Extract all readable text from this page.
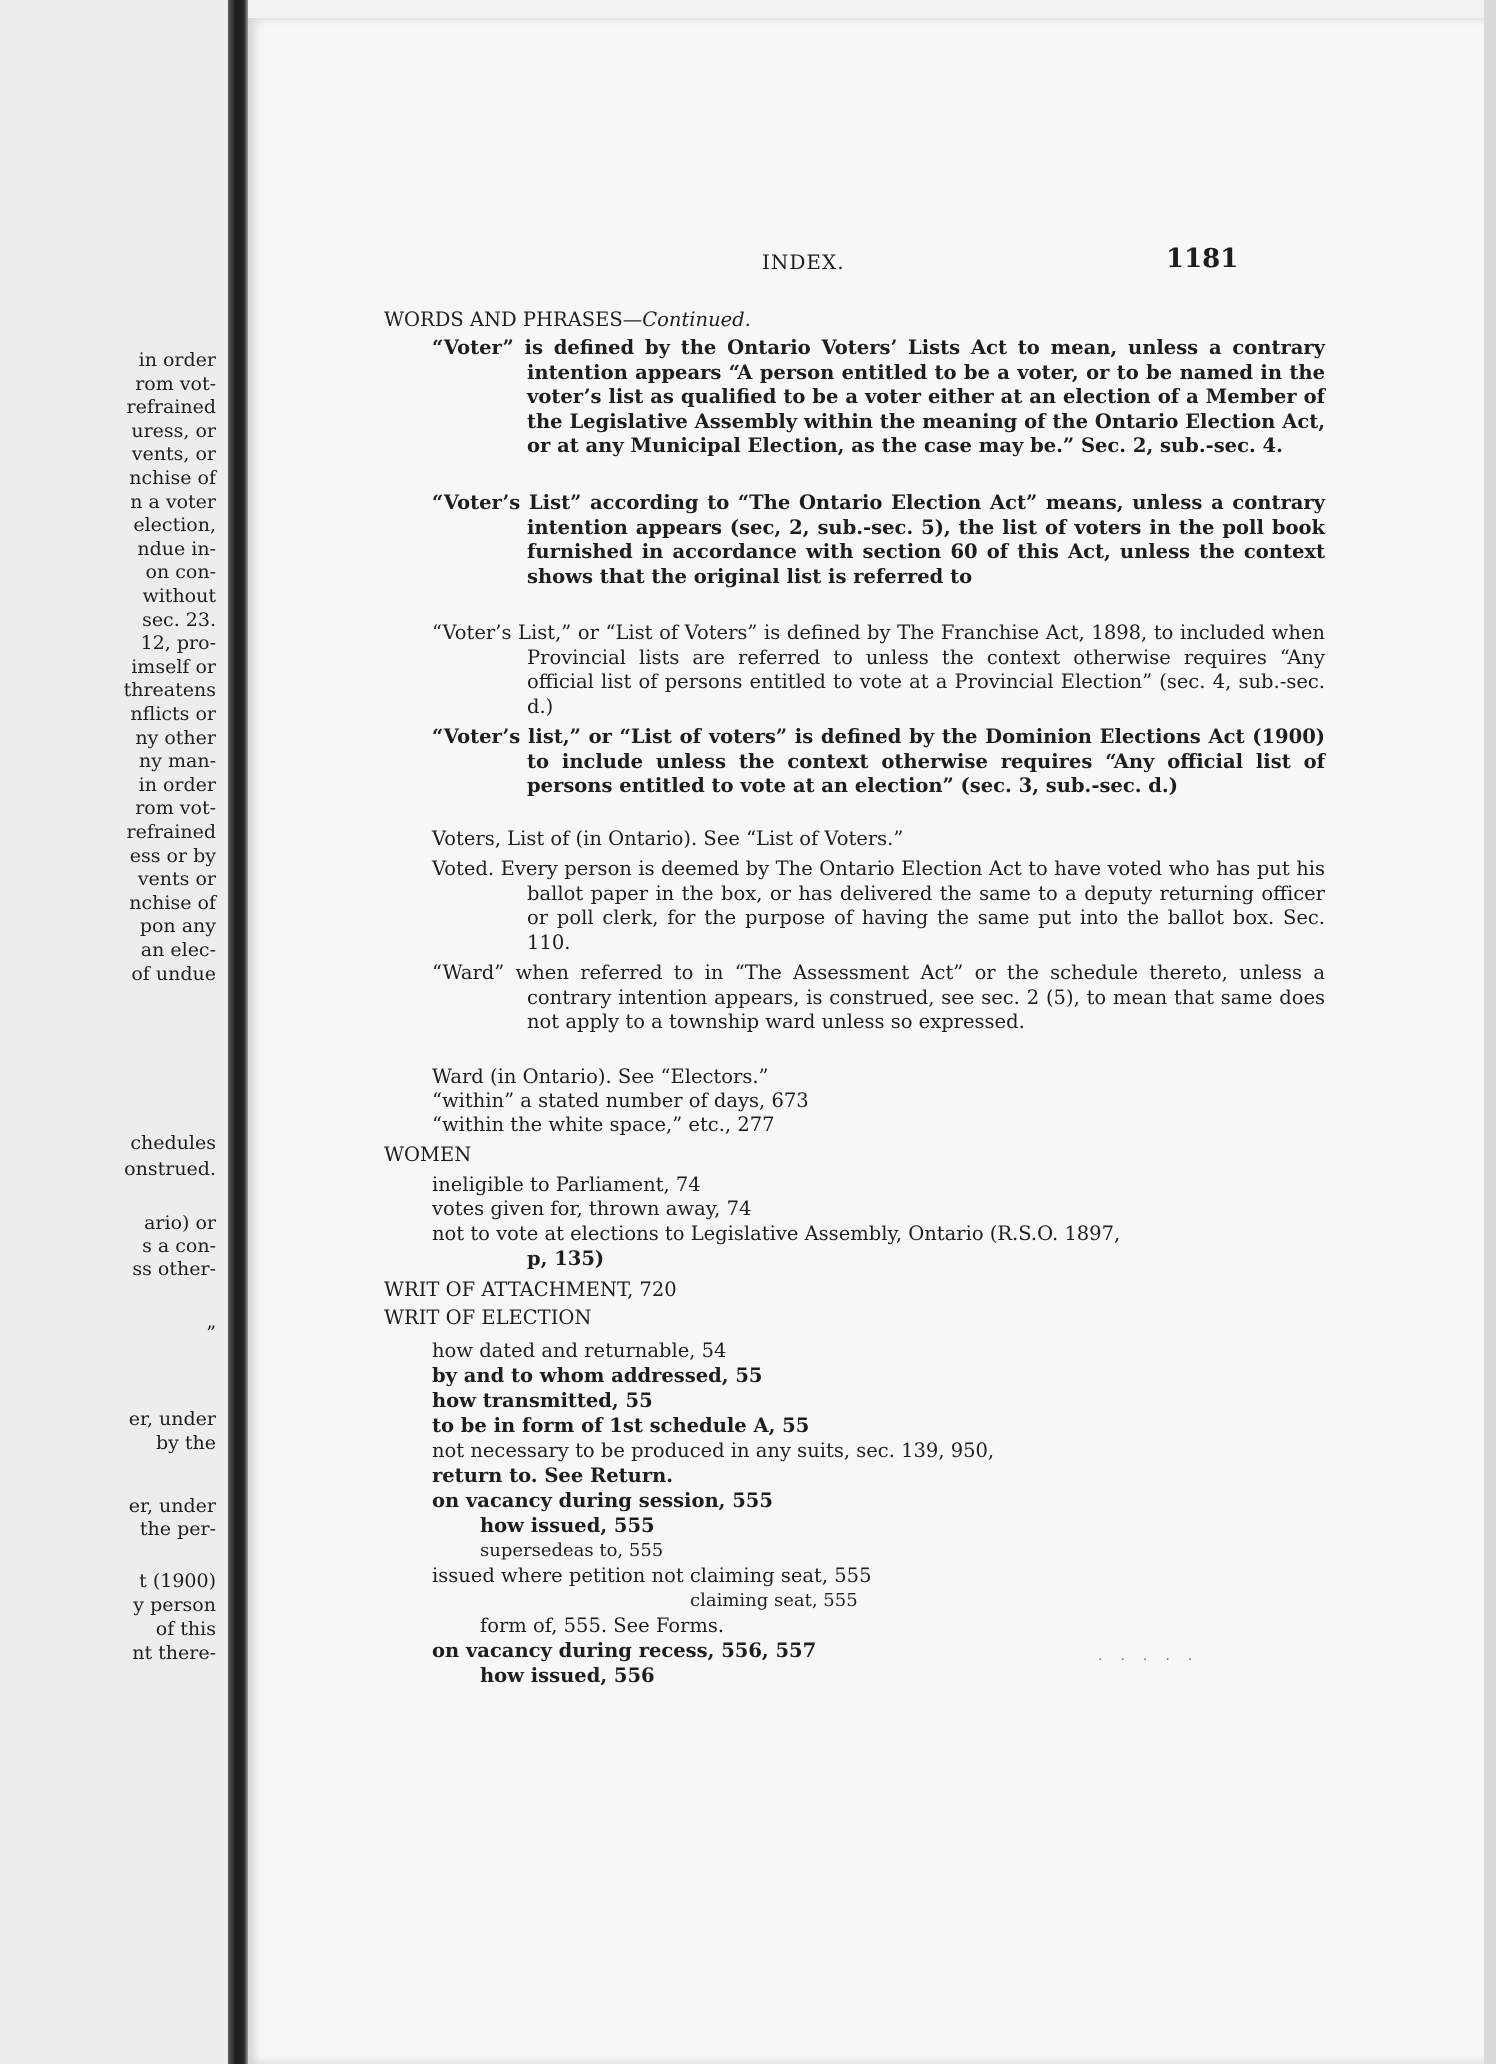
in order
rom vot-
refrained
uress, or
vents, or
nchise of
n a voter
election,
ndue in-
on con-
without
sec. 23.
12, pro-
imself or
threatens
nflicts or
ny other
ny man-
in order
rom vot-
refrained
ess or by
vents or
nchise of
pon any
an elec-
of undue
chedules
onstrued.
ario) or
s a con-
ss other-
”
er, under
by the
er, under
the per-
t (1900)
y person
of this
nt there-
INDEX.	1181
WORDS AND PHRASES—Continued.
“Voter” is defined by the Ontario Voters’ Lists Act to mean, unless a contrary intention appears “A person entitled to be a voter, or to be named in the voter’s list as qualified to be a voter either at an election of a Member of the Legislative Assembly within the meaning of the Ontario Election Act, or at any Municipal Election, as the case may be.” Sec. 2, sub.-sec. 4.
“Voter’s List” according to “The Ontario Election Act” means, unless a contrary intention appears (sec, 2, sub.-sec. 5), the list of voters in the poll book furnished in accordance with section 60 of this Act, unless the context shows that the original list is referred to
“Voter’s List,” or “List of Voters” is defined by The Franchise Act, 1898, to included when Provincial lists are referred to unless the context otherwise requires “Any official list of persons entitled to vote at a Provincial Election” (sec. 4, sub.-sec. d.)
“Voter’s list,” or “List of voters” is defined by the Dominion Elections Act (1900) to include unless the context otherwise requires “Any official list of persons entitled to vote at an election” (sec. 3, sub.-sec. d.)
Voters, List of (in Ontario). See “List of Voters.”
Voted. Every person is deemed by The Ontario Election Act to have voted who has put his ballot paper in the box, or has delivered the same to a deputy returning officer or poll clerk, for the purpose of having the same put into the ballot box. Sec. 110.
“Ward” when referred to in “The Assessment Act” or the schedule thereto, unless a contrary intention appears, is construed, see sec. 2 (5), to mean that same does not apply to a township ward unless so expressed.
Ward (in Ontario). See “Electors.”
“within” a stated number of days, 673
“within the white space,” etc., 277
WOMEN
ineligible to Parliament, 74
votes given for, thrown away, 74
not to vote at elections to Legislative Assembly, Ontario (R.S.O. 1897,
p, 135)
WRIT OF ATTACHMENT, 720
WRIT OF ELECTION
how dated and returnable, 54
by and to whom addressed, 55
how transmitted, 55
to be in form of 1st schedule A, 55
not necessary to be produced in any suits, sec. 139, 950,
return to. See Return.
on vacancy during session, 555
how issued, 555
supersedeas to, 555
issued where petition not claiming seat, 555
claiming seat, 555
form of, 555. See Forms.
on vacancy during recess, 556, 557
how issued, 556
·····
